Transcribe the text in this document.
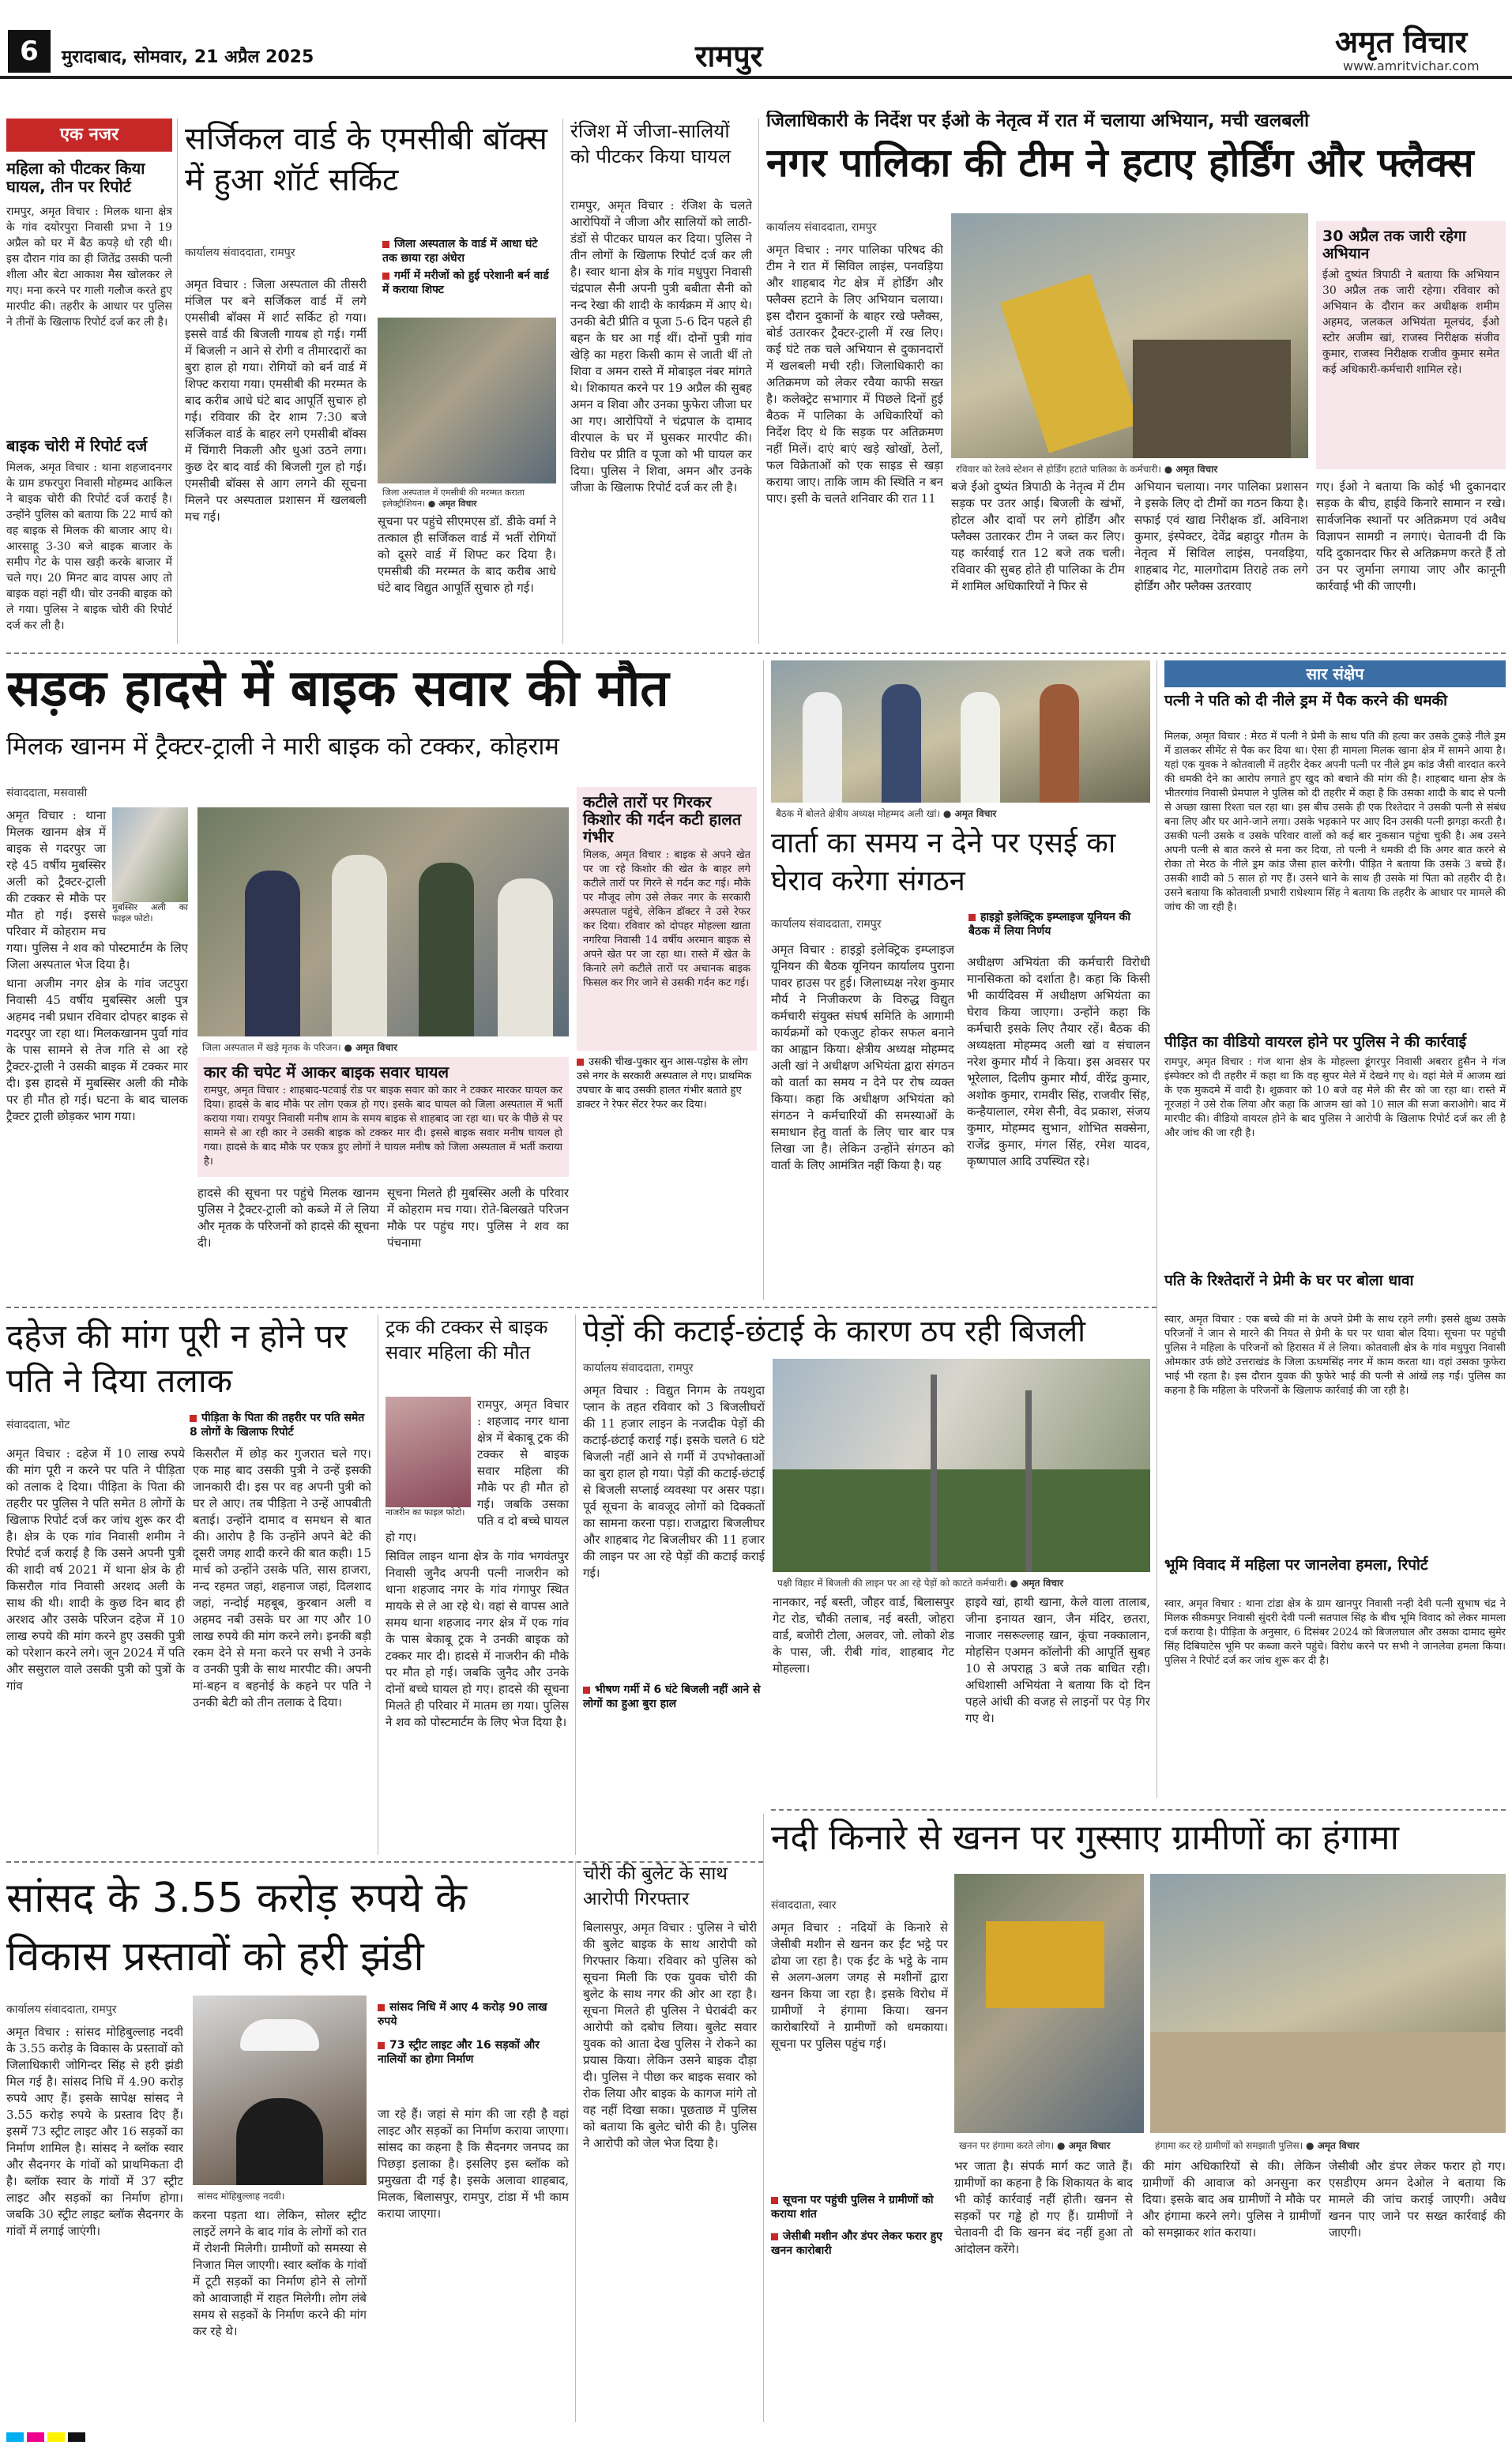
6	मुरादाबाद, सोमवार, 21 अप्रैल 2025	रामपुर	अमृत विचार
www.amritvichar.com
एक नजर
महिला को पीटकर किया घायल, तीन पर रिपोर्ट
रामपुर, अमृत विचार : मिलक थाना क्षेत्र के गांव दयोरपुरा निवासी प्रभा ने 19 अप्रैल को घर में बैठ कपड़े धो रही थी। इस दौरान गांव का ही जितेंद्र उसकी पत्नी शीला और बेटा आकाश मैस खोलकर ले गए। मना करने पर गाली गलौज करते हुए मारपीट की। तहरीर के आधार पर पुलिस ने तीनों के खिलाफ रिपोर्ट दर्ज कर ली है।
बाइक चोरी में रिपोर्ट दर्ज
मिलक, अमृत विचार : थाना शहजादनगर के ग्राम डफरपुरा निवासी मोहम्मद आकिल ने बाइक चोरी की रिपोर्ट दर्ज कराई है। उन्होंने पुलिस को बताया कि 22 मार्च को वह बाइक से मिलक की बाजार आए थे। आरसाहू 3-30 बजे बाइक बाजार के समीप गेट के पास खड़ी करके बाजार में चले गए। 20 मिनट बाद वापस आए तो बाइक वहां नहीं थी। चोर उनकी बाइक को ले गया। पुलिस ने बाइक चोरी की रिपोर्ट दर्ज कर ली है।
सर्जिकल वार्ड के एमसीबी बॉक्स में हुआ शॉर्ट सर्किट
कार्यालय संवाददाता, रामपुर
जिला अस्पताल के वार्ड में आधा घंटे तक छाया रहा अंधेरा
गर्मी में मरीजों को हुई परेशानी बर्न वार्ड में कराया शिफ्ट
अमृत विचार : जिला अस्पताल की तीसरी मंजिल पर बने सर्जिकल वार्ड में लगे एमसीबी बॉक्स में शार्ट सर्किट हो गया। इससे वार्ड की बिजली गायब हो गई। गर्मी में बिजली न आने से रोगी व तीमारदारों का बुरा हाल हो गया। रोगियों को बर्न वार्ड में शिफ्ट कराया गया। एमसीबी की मरम्मत के बाद करीब आधे घंटे बाद आपूर्ति सुचारु हो गई। रविवार की देर शाम 7:30 बजे सर्जिकल वार्ड के बाहर लगे एमसीबी बॉक्स में चिंगारी निकली और धुआं उठने लगा। कुछ देर बाद वार्ड की बिजली गुल हो गई। एमसीबी बॉक्स से आग लगने की सूचना मिलने पर अस्पताल प्रशासन में खलबली मच गई।
जिला अस्पताल में एमसीबी की मरम्मत कराता इलेक्ट्रीशियन। ● अमृत विचार
सूचना पर पहुंचे सीएमएस डॉ. डीके वर्मा ने तत्काल ही सर्जिकल वार्ड में भर्ती रोगियों को दूसरे वार्ड में शिफ्ट कर दिया है। एमसीबी की मरम्मत के बाद करीब आधे घंटे बाद विद्युत आपूर्ति सुचारु हो गई।
रंजिश में जीजा-सालियों को पीटकर किया घायल
रामपुर, अमृत विचार : रंजिश के चलते आरोपियों ने जीजा और सालियों को लाठी-डंडों से पीटकर घायल कर दिया। पुलिस ने तीन लोगों के खिलाफ रिपोर्ट दर्ज कर ली है। स्वार थाना क्षेत्र के गांव मधुपुरा निवासी चंद्रपाल सैनी अपनी पुत्री बबीता सैनी को नन्द रेखा की शादी के कार्यक्रम में आए थे। उनकी बेटी प्रीति व पूजा 5-6 दिन पहले ही बहन के घर आ गई थीं। दोनों पुत्री गांव खेड़ि का महरा किसी काम से जाती थीं तो शिवा व अमन रास्ते में मोबाइल नंबर मांगते थे। शिकायत करने पर 19 अप्रैल की सुबह अमन व शिवा और उनका फुफेरा जीजा घर आ गए। आरोपियों ने चंद्रपाल के दामाद वीरपाल के घर में घुसकर मारपीट की। विरोध पर प्रीति व पूजा को भी घायल कर दिया। पुलिस ने शिवा, अमन और उनके जीजा के खिलाफ रिपोर्ट दर्ज कर ली है।
जिलाधिकारी के निर्देश पर ईओ के नेतृत्व में रात में चलाया अभियान, मची खलबली
नगर पालिका की टीम ने हटाए होर्डिंग और फ्लैक्स
कार्यालय संवाददाता, रामपुर
अमृत विचार : नगर पालिका परिषद की टीम ने रात में सिविल लाइंस, पनवड़िया और शाहबाद गेट क्षेत्र में होर्डिंग और फ्लैक्स हटाने के लिए अभियान चलाया। इस दौरान दुकानों के बाहर रखे फ्लैक्स, बोर्ड उतारकर ट्रैक्टर-ट्राली में रख लिए। कई घंटे तक चले अभियान से दुकानदारों में खलबली मची रही। जिलाधिकारी का अतिक्रमण को लेकर रवैया काफी सख्त है। कलेक्ट्रेट सभागार में पिछले दिनों हुई बैठक में पालिका के अधिकारियों को निर्देश दिए थे कि सड़क पर अतिक्रमण नहीं मिलें। दाएं बाएं खड़े खोखों, ठेलों, फल विक्रेताओं को एक साइड से खड़ा कराया जाए। ताकि जाम की स्थिति न बन पाए। इसी के चलते शनिवार की रात 11
रविवार को रेलवे स्टेशन से होर्डिंग हटाते पालिका के कर्मचारी। ● अमृत विचार
बजे ईओ दुष्यंत त्रिपाठी के नेतृत्व में टीम सड़क पर उतर आई। बिजली के खंभों, होटल और दावों पर लगे होर्डिंग और फ्लैक्स उतारकर टीम ने जब्त कर लिए। यह कार्रवाई रात 12 बजे तक चली। रविवार की सुबह होते ही पालिका के टीम में शामिल अधिकारियों ने फिर से
अभियान चलाया। नगर पालिका प्रशासन ने इसके लिए दो टीमों का गठन किया है। सफाई एवं खाद्य निरीक्षक डॉ. अविनाश कुमार, इंस्पेक्टर, देवेंद्र बहादुर गौतम के नेतृत्व में सिविल लाइंस, पनवड़िया, शाहबाद गेट, मालगोदाम तिराहे तक लगे होर्डिंग और फ्लैक्स उतरवाए
30 अप्रैल तक जारी रहेगा अभियान
ईओ दुष्यंत त्रिपाठी ने बताया कि अभियान 30 अप्रैल तक जारी रहेगा। रविवार को अभियान के दौरान कर अधीक्षक शमीम अहमद, जलकल अभियंता मूलचंद, ईओ स्टोर अजीम खां, राजस्व निरीक्षक संजीव कुमार, राजस्व निरीक्षक राजीव कुमार समेत कई अधिकारी-कर्मचारी शामिल रहे।
गए। ईओ ने बताया कि कोई भी दुकानदार सड़क के बीच, हाईवे किनारे सामान न रखे। सार्वजनिक स्थानों पर अतिक्रमण एवं अवैध विज्ञापन सामग्री न लगाएं। चेतावनी दी कि यदि दुकानदार फिर से अतिक्रमण करते हैं तो उन पर जुर्माना लगाया जाए और कानूनी कार्रवाई भी की जाएगी।
सड़क हादसे में बाइक सवार की मौत
मिलक खानम में ट्रैक्टर-ट्राली ने मारी बाइक को टक्कर, कोहराम
संवाददाता, मसवासी
मुबस्सिर अली का फाइल फोटो।

अमृत विचार : थाना मिलक खानम क्षेत्र में बाइक से गदरपुर जा रहे 45 वर्षीय मुबस्सिर अली को ट्रैक्टर-ट्राली की टक्कर से मौके पर मौत हो गई। इससे परिवार में कोहराम मच गया। पुलिस ने शव को पोस्टमार्टम के लिए जिला अस्पताल भेज दिया है।

थाना अजीम नगर क्षेत्र के गांव जटपुरा निवासी 45 वर्षीय मुबस्सिर अली पुत्र अहमद नबी प्रधान रविवार दोपहर बाइक से गदरपुर जा रहा था। मिलकखानम पुर्वा गांव के पास सामने से तेज गति से आ रहे ट्रैक्टर-ट्राली ने उसकी बाइक में टक्कर मार दी। इस हादसे में मुबस्सिर अली की मौके पर ही मौत हो गई। घटना के बाद चालक ट्रैक्टर ट्राली छोड़कर भाग गया।

जिला अस्पताल में खड़े मृतक के परिजन। ● अमृत विचार
कार की चपेट में आकर बाइक सवार घायल
रामपुर, अमृत विचार : शाहबाद-पटवाई रोड पर बाइक सवार को कार ने टक्कर मारकर घायल कर दिया। हादसे के बाद मौके पर लोग एकत्र हो गए। इसके बाद घायल को जिला अस्पताल में भर्ती कराया गया। रायपुर निवासी मनीष शाम के समय बाइक से शाहबाद जा रहा था। घर के पीछे से पर सामने से आ रही कार ने उसकी बाइक को टक्कर मार दी। इससे बाइक सवार मनीष घायल हो गया। हादसे के बाद मौके पर एकत्र हुए लोगों ने घायल मनीष को जिला अस्पताल में भर्ती कराया है।
हादसे की सूचना पर पहुंचे मिलक खानम पुलिस ने ट्रैक्टर-ट्राली को कब्जे में ले लिया और मृतक के परिजनों को हादसे की सूचना दी।
सूचना मिलते ही मुबस्सिर अली के परिवार में कोहराम मच गया। रोते-बिलखते परिजन मौके पर पहुंच गए। पुलिस ने शव का पंचनामा
कटीले तारों पर गिरकर किशोर की गर्दन कटी हालत गंभीर
मिलक, अमृत विचार : बाइक से अपने खेत पर जा रहे किशोर की खेत के बाहर लगे कटीले तारों पर गिरने से गर्दन कट गई। मौके पर मौजूद लोग उसे लेकर नगर के सरकारी अस्पताल पहुंचे, लेकिन डॉक्टर ने उसे रेफर कर दिया। रविवार को दोपहर मोहल्ला खाता नगरिया निवासी 14 वर्षीय अरमान बाइक से अपने खेत पर जा रहा था। रास्ते में खेत के किनारे लगे कटीले तारों पर अचानक बाइक फिसल कर गिर जाने से उसकी गर्दन कट गई।
उसकी चीख-पुकार सुन आस-पड़ोस के लोग उसे नगर के सरकारी अस्पताल ले गए। प्राथमिक उपचार के बाद उसकी हालत गंभीर बताते हुए डाक्टर ने रेफर सेंटर रेफर कर दिया।
बैठक में बोलते क्षेत्रीय अध्यक्ष मोहम्मद अली खां। ● अमृत विचार
वार्ता का समय न देने पर एसई का घेराव करेगा संगठन
कार्यालय संवाददाता, रामपुर
हाइड्रो इलेक्ट्रिक इम्प्लाइज यूनियन की बैठक में लिया निर्णय
अमृत विचार : हाइड्रो इलेक्ट्रिक इम्प्लाइज यूनियन की बैठक यूनियन कार्यालय पुराना पावर हाउस पर हुई। जिलाध्यक्ष नरेश कुमार मौर्य ने निजीकरण के विरुद्ध विद्युत कर्मचारी संयुक्त संघर्ष समिति के आगामी कार्यक्रमों को एकजुट होकर सफल बनाने का आह्वान किया। क्षेत्रीय अध्यक्ष मोहम्मद अली खां ने अधीक्षण अभियंता द्वारा संगठन को वार्ता का समय न देने पर रोष व्यक्त किया। कहा कि अधीक्षण अभियंता को संगठन ने कर्मचारियों की समस्याओं के समाधान हेतु वार्ता के लिए चार बार पत्र लिखा जा है। लेकिन उन्होंने संगठन को वार्ता के लिए आमंत्रित नहीं किया है। यह
अधीक्षण अभियंता की कर्मचारी विरोधी मानसिकता को दर्शाता है। कहा कि किसी भी कार्यदिवस में अधीक्षण अभियंता का घेराव किया जाएगा। उन्होंने कहा कि कर्मचारी इसके लिए तैयार रहें। बैठक की अध्यक्षता मोहम्मद अली खां व संचालन नरेश कुमार मौर्य ने किया। इस अवसर पर भूरेलाल, दिलीप कुमार मौर्य, वीरेंद्र कुमार, अशोक कुमार, रामवीर सिंह, राजवीर सिंह, कन्हैयालाल, रमेश सैनी, वेद प्रकाश, संजय कुमार, मोहम्मद सुभान, शोभित सक्सेना, राजेंद्र कुमार, मंगल सिंह, रमेश यादव, कृष्णपाल आदि उपस्थित रहे।
सार संक्षेप
पत्नी ने पति को दी नीले ड्रम में पैक करने की धमकी
मिलक, अमृत विचार : मेरठ में पत्नी ने प्रेमी के साथ पति की हत्या कर उसके टुकड़े नीले ड्रम में डालकर सीमेंट से पैक कर दिया था। ऐसा ही मामला मिलक खाना क्षेत्र में सामने आया है। यहां एक युवक ने कोतवाली में तहरीर देकर अपनी पत्नी पर नीले ड्रम कांड जैसी वारदात करने की धमकी देने का आरोप लगाते हुए खुद को बचाने की मांग की है। शाहबाद थाना क्षेत्र के भीतरगांव निवासी प्रेमपाल ने पुलिस को दी तहरीर में कहा है कि उसका शादी के बाद से पत्नी से अच्छा खासा रिश्ता चल रहा था। इस बीच उसके ही एक रिश्तेदार ने उसकी पत्नी से संबंध बना लिए और घर आने-जाने लगा। उसके भड़काने पर आए दिन उसकी पत्नी झगड़ा करती है। उसकी पत्नी उसके व उसके परिवार वालों को कई बार नुकसान पहुंचा चुकी है। अब उसने अपनी पत्नी से बात करने से मना कर दिया, तो पत्नी ने धमकी दी कि अगर बात करने से रोका तो मेरठ के नीले ड्रम कांड जैसा हाल करेगी। पीड़ित ने बताया कि उसके 3 बच्चे हैं। उसकी शादी को 5 साल हो गए हैं। उसने थाने के साथ ही उसके मां पिता को तहरीर दी है। उसने बताया कि कोतवाली प्रभारी राधेश्याम सिंह ने बताया कि तहरीर के आधार पर मामले की जांच की जा रही है।
पीड़ित का वीडियो वायरल होने पर पुलिस ने की कार्रवाई
रामपुर, अमृत विचार : गंज थाना क्षेत्र के मोहल्ला डूंगरपुर निवासी अबरार हुसैन ने गंज इंस्पेक्टर को दी तहरीर में कहा था कि वह सुपर मेले में देखने गए थे। वहां मेले में आजम खां के एक मुकदमे में वादी है। शुक्रवार को 10 बजे वह मेले की सैर को जा रहा था। रास्ते में नूरजहां ने उसे रोक लिया और कहा कि आजम खां को 10 साल की सजा कराओगे। बाद में मारपीट की। वीडियो वायरल होने के बाद पुलिस ने आरोपी के खिलाफ रिपोर्ट दर्ज कर ली है और जांच की जा रही है।
पति के रिश्तेदारों ने प्रेमी के घर पर बोला धावा
स्वार, अमृत विचार : एक बच्चे की मां के अपने प्रेमी के साथ रहने लगी। इससे क्षुब्ध उसके परिजनों ने जान से मारने की नियत से प्रेमी के घर पर धावा बोल दिया। सूचना पर पहुंची पुलिस ने महिला के परिजनों को हिरासत में ले लिया। कोतवाली क्षेत्र के गांव मधुपुरा निवासी ओमकार उर्फ छोटे उत्तराखंड के जिला ऊधमसिंह नगर में काम करता था। वहां उसका फुफेरा भाई भी रहता है। इस दौरान युवक की फुफेरे भाई की पत्नी से आंखें लड़ गईं। पुलिस का कहना है कि महिला के परिजनों के खिलाफ कार्रवाई की जा रही है।
भूमि विवाद में महिला पर जानलेवा हमला, रिपोर्ट
स्वार, अमृत विचार : थाना टांडा क्षेत्र के ग्राम खानपुर निवासी नन्ही देवी पत्नी सुभाष चंद्र ने मिलक सीकमपुर निवासी सुंदरी देवी पत्नी सतपाल सिंह के बीच भूमि विवाद को लेकर मामला दर्ज कराया है। पीड़िता के अनुसार, 6 दिसंबर 2024 को बिजलघाल और उसका दामाद सुमेर सिंह दिबियाटेस भूमि पर कब्जा करने पहुंचे। विरोध करने पर सभी ने जानलेवा हमला किया। पुलिस ने रिपोर्ट दर्ज कर जांच शुरू कर दी है।
दहेज की मांग पूरी न होने पर पति ने दिया तलाक
संवाददाता, भोट
पीड़िता के पिता की तहरीर पर पति समेत 8 लोगों के खिलाफ रिपोर्ट
अमृत विचार : दहेज में 10 लाख रुपये की मांग पूरी न करने पर पति ने पीड़िता को तलाक दे दिया। पीड़िता के पिता की तहरीर पर पुलिस ने पति समेत 8 लोगों के खिलाफ रिपोर्ट दर्ज कर जांच शुरू कर दी है। क्षेत्र के एक गांव निवासी शमीम ने रिपोर्ट दर्ज कराई है कि उसने अपनी पुत्री की शादी वर्ष 2021 में थाना क्षेत्र के ही किसरौल गांव निवासी अरशद अली के साथ की थी। शादी के कुछ दिन बाद ही अरशद और उसके परिजन दहेज में 10 लाख रुपये की मांग करने हुए उसकी पुत्री को परेशान करने लगे। जून 2024 में पति और ससुराल वाले उसकी पुत्री को पुत्रों के गांव
किसरौल में छोड़ कर गुजरात चले गए। एक माह बाद उसकी पुत्री ने उन्हें इसकी जानकारी दी। इस पर वह अपनी पुत्री को घर ले आए। तब पीड़िता ने उन्हें आपबीती बताई। उन्होंने दामाद व समधन से बात की। आरोप है कि उन्होंने अपने बेटे की दूसरी जगह शादी करने की बात कही। 15 मार्च को उन्होंने उसके पति, सास हाजरा, नन्द रहमत जहां, शहनाज जहां, दिलशाद जहां, नन्दोई महबूब, कुरबान अली व अहमद नबी उसके घर आ गए और 10 लाख रुपये की मांग करने लगे। इनकी बड़ी रकम देने से मना करने पर सभी ने उनके व उनकी पुत्री के साथ मारपीट की। अपनी मां-बहन व बहनोई के कहने पर पति ने उनकी बेटी को तीन तलाक दे दिया।
ट्रक की टक्कर से बाइक सवार महिला की मौत
नाजरीन का फाइल फोटो।

रामपुर, अमृत विचार : शहजाद नगर थाना क्षेत्र में बेकाबू ट्रक की टक्कर से बाइक सवार महिला की मौके पर ही मौत हो गई। जबकि उसका पति व दो बच्चे घायल हो गए।

सिविल लाइन थाना क्षेत्र के गांव भगवंतपुर निवासी जुनैद अपनी पत्नी नाजरीन को थाना शहजाद नगर के गांव गंगापुर स्थित मायके से ले आ रहे थे। वहां से वापस आते समय थाना शहजाद नगर क्षेत्र में एक गांव के पास बेकाबू ट्रक ने उनकी बाइक को टक्कर मार दी। हादसे में नाजरीन की मौके पर मौत हो गई। जबकि जुनैद और उनके दोनों बच्चे घायल हो गए। हादसे की सूचना मिलते ही परिवार में मातम छा गया। पुलिस ने शव को पोस्टमार्टम के लिए भेज दिया है।

पेड़ों की कटाई-छंटाई के कारण ठप रही बिजली
कार्यालय संवाददाता, रामपुर
अमृत विचार : विद्युत निगम के तयशुदा प्लान के तहत रविवार को 3 बिजलीघरों की 11 हजार लाइन के नजदीक पेड़ों की कटाई-छंटाई कराई गई। इसके चलते 6 घंटे बिजली नहीं आने से गर्मी में उपभोक्ताओं का बुरा हाल हो गया। पेड़ों की कटाई-छंटाई से बिजली सप्लाई व्यवस्था पर असर पड़ा। पूर्व सूचना के बावजूद लोगों को दिक्कतों का सामना करना पड़ा। राजद्वारा बिजलीघर और शाहबाद गेट बिजलीघर की 11 हजार की लाइन पर आ रहे पेड़ों की कटाई कराई गई।
पक्षी विहार में बिजली की लाइन पर आ रहे पेड़ों को काटते कर्मचारी। ● अमृत विचार
भीषण गर्मी में 6 घंटे बिजली नहीं आने से लोगों का हुआ बुरा हाल
नानकार, नई बस्ती, जौहर वार्ड, बिलासपुर गेट रोड, चौकी तलाब, नई बस्ती, जोहरा वार्ड, बजोरी टोला, अलवर, जो. लोको शेड के पास, जी. रीबी गांव, शाहबाद गेट मोहल्ला।
हाइवे खां, हाथी खाना, केले वाला तालाब, जीना इनायत खान, जैन मंदिर, छतरा, नाजार नसरूल्लाह खान, कूंचा नक्कालान, मोहसिन एअमन कॉलोनी की आपूर्ति सुबह 10 से अपराह्न 3 बजे तक बाधित रही। अधिशासी अभियंता ने बताया कि दो दिन पहले आंधी की वजह से लाइनों पर पेड़ गिर गए थे।
सांसद के 3.55 करोड़ रुपये के विकास प्रस्तावों को हरी झंडी
कार्यालय संवाददाता, रामपुर
अमृत विचार : सांसद मोहिबुल्लाह नदवी के 3.55 करोड़ के विकास के प्रस्तावों को जिलाधिकारी जोगिन्दर सिंह से हरी झंडी मिल गई है। सांसद निधि में 4.90 करोड़ रुपये आए हैं। इसके सापेक्ष सांसद ने 3.55 करोड़ रुपये के प्रस्ताव दिए हैं। इसमें 73 स्ट्रीट लाइट और 16 सड़कों का निर्माण शामिल है। सांसद ने ब्लॉक स्वार और सैदनगर के गांवों को प्राथमिकता दी है। ब्लॉक स्वार के गांवों में 37 स्ट्रीट लाइट और सड़कों का निर्माण होगा। जबकि 30 स्ट्रीट लाइट ब्लॉक सैदनगर के गांवों में लगाई जाएंगी।
सांसद मोहिबुल्लाह नदवी।
सांसद निधि में आए 4 करोड़ 90 लाख रुपये
73 स्ट्रीट लाइट और 16 सड़कों और नालियों का होगा निर्माण
करना पड़ता था। लेकिन, सोलर स्ट्रीट लाइटें लगने के बाद गांव के लोगों को रात में रोशनी मिलेगी। ग्रामीणों को समस्या से निजात मिल जाएगी। स्वार ब्लॉक के गांवों में टूटी सड़कों का निर्माण होने से लोगों को आवाजाही में राहत मिलेगी। लोग लंबे समय से सड़कों के निर्माण करने की मांग कर रहे थे।
जा रहे हैं। जहां से मांग की जा रही है वहां लाइट और सड़कों का निर्माण कराया जाएगा। सांसद का कहना है कि सैदनगर जनपद का पिछड़ा इलाका है। इसलिए इस ब्लॉक को प्रमुखता दी गई है। इसके अलावा शाहबाद, मिलक, बिलासपुर, रामपुर, टांडा में भी काम कराया जाएगा।
चोरी की बुलेट के साथ आरोपी गिरफ्तार
बिलासपुर, अमृत विचार : पुलिस ने चोरी की बुलेट बाइक के साथ आरोपी को गिरफ्तार किया। रविवार को पुलिस को सूचना मिली कि एक युवक चोरी की बुलेट के साथ नगर की ओर आ रहा है। सूचना मिलते ही पुलिस ने घेराबंदी कर आरोपी को दबोच लिया। बुलेट सवार युवक को आता देख पुलिस ने रोकने का प्रयास किया। लेकिन उसने बाइक दौड़ा दी। पुलिस ने पीछा कर बाइक सवार को रोक लिया और बाइक के कागज मांगे तो वह नहीं दिखा सका। पूछताछ में पुलिस को बताया कि बुलेट चोरी की है। पुलिस ने आरोपी को जेल भेज दिया है।
नदी किनारे से खनन पर गुस्साए ग्रामीणों का हंगामा
संवाददाता, स्वार
अमृत विचार : नदियों के किनारे से जेसीबी मशीन से खनन कर ईंट भट्ठे पर ढोया जा रहा है। एक ईंट के भट्ठे के नाम से अलग-अलग जगह से मशीनों द्वारा खनन किया जा रहा है। इसके विरोध में ग्रामीणों ने हंगामा किया। खनन कारोबारियों ने ग्रामीणों को धमकाया। सूचना पर पुलिस पहुंच गई।
खनन पर हंगामा करते लोग। ● अमृत विचार	हंगामा कर रहे ग्रामीणों को समझाती पुलिस। ● अमृत विचार
सूचना पर पहुंची पुलिस ने ग्रामीणों को कराया शांत
जेसीबी मशीन और डंपर लेकर फरार हुए खनन कारोबारी
भर जाता है। संपर्क मार्ग कट जाते हैं। ग्रामीणों का कहना है कि शिकायत के बाद भी कोई कार्रवाई नहीं होती। खनन से सड़कों पर गड्ढे हो गए हैं। ग्रामीणों ने चेतावनी दी कि खनन बंद नहीं हुआ तो आंदोलन करेंगे।
की मांग अधिकारियों से की। लेकिन ग्रामीणों की आवाज को अनसुना कर दिया। इसके बाद अब ग्रामीणों ने मौके पर और हंगामा करने लगे। पुलिस ने ग्रामीणों को समझाकर शांत कराया।
जेसीबी और डंपर लेकर फरार हो गए। एसडीएम अमन देओल ने बताया कि मामले की जांच कराई जाएगी। अवैध खनन पाए जाने पर सख्त कार्रवाई की जाएगी।
